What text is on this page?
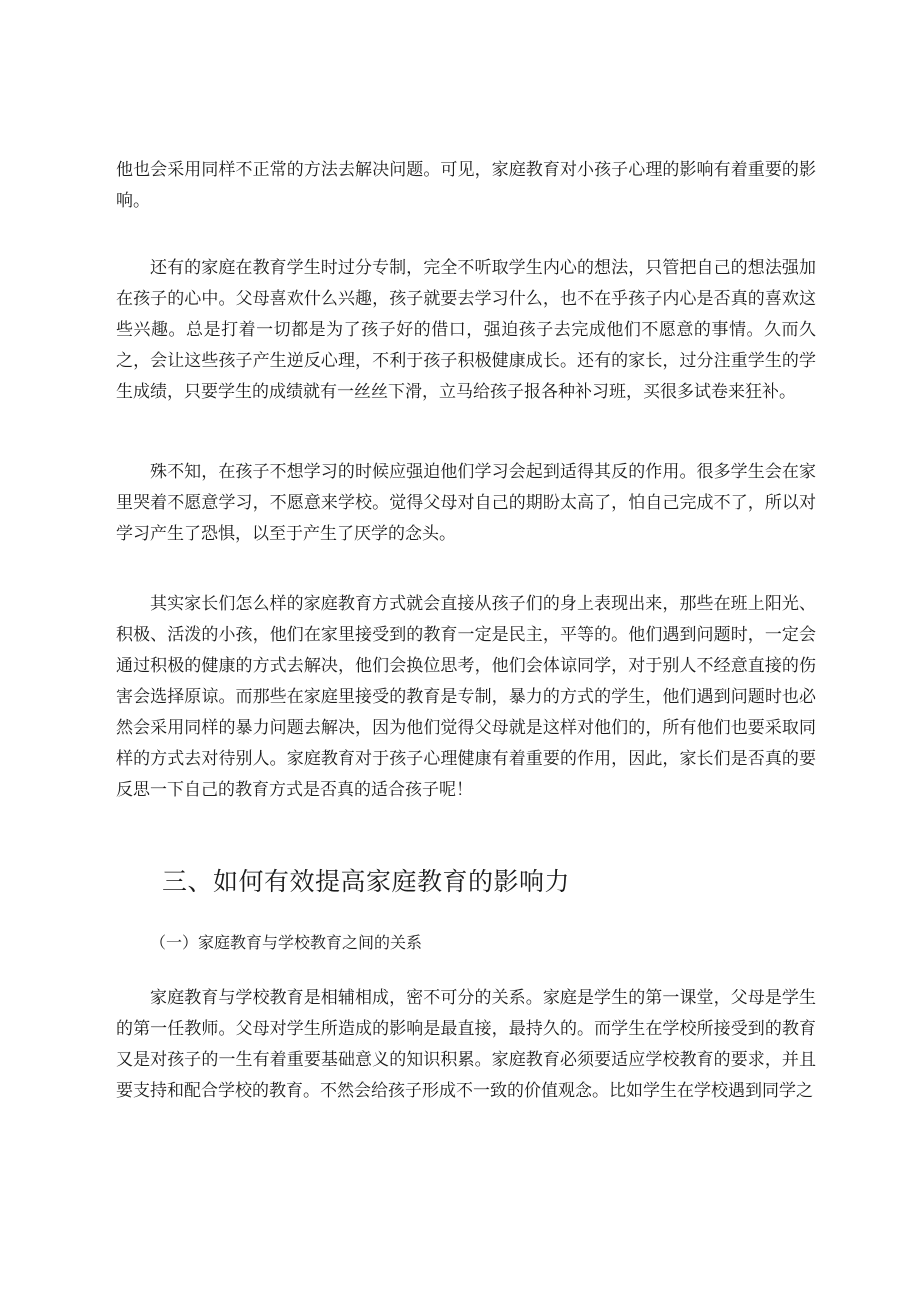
他也会采用同样不正常的方法去解决问题。可见，家庭教育对小孩子心理的影响有着重要的影响。

还有的家庭在教育学生时过分专制，完全不听取学生内心的想法，只管把自己的想法强加在孩子的心中。父母喜欢什么兴趣，孩子就要去学习什么，也不在乎孩子内心是否真的喜欢这些兴趣。总是打着一切都是为了孩子好的借口，强迫孩子去完成他们不愿意的事情。久而久之，会让这些孩子产生逆反心理，不利于孩子积极健康成长。还有的家长，过分注重学生的学生成绩，只要学生的成绩就有一丝丝下滑，立马给孩子报各种补习班，买很多试卷来狂补。

殊不知，在孩子不想学习的时候应强迫他们学习会起到适得其反的作用。很多学生会在家里哭着不愿意学习，不愿意来学校。觉得父母对自己的期盼太高了，怕自己完成不了，所以对学习产生了恐惧，以至于产生了厌学的念头。

其实家长们怎么样的家庭教育方式就会直接从孩子们的身上表现出来，那些在班上阳光、积极、活泼的小孩，他们在家里接受到的教育一定是民主，平等的。他们遇到问题时，一定会通过积极的健康的方式去解决，他们会换位思考，他们会体谅同学，对于别人不经意直接的伤害会选择原谅。而那些在家庭里接受的教育是专制，暴力的方式的学生，他们遇到问题时也必然会采用同样的暴力问题去解决，因为他们觉得父母就是这样对他们的，所有他们也要采取同样的方式去对待别人。家庭教育对于孩子心理健康有着重要的作用，因此，家长们是否真的要反思一下自己的教育方式是否真的适合孩子呢！

三、如何有效提高家庭教育的影响力
（一）家庭教育与学校教育之间的关系

家庭教育与学校教育是相辅相成，密不可分的关系。家庭是学生的第一课堂，父母是学生的第一任教师。父母对学生所造成的影响是最直接，最持久的。而学生在学校所接受到的教育又是对孩子的一生有着重要基础意义的知识积累。家庭教育必须要适应学校教育的要求，并且要支持和配合学校的教育。不然会给孩子形成不一致的价值观念。比如学生在学校遇到同学之
